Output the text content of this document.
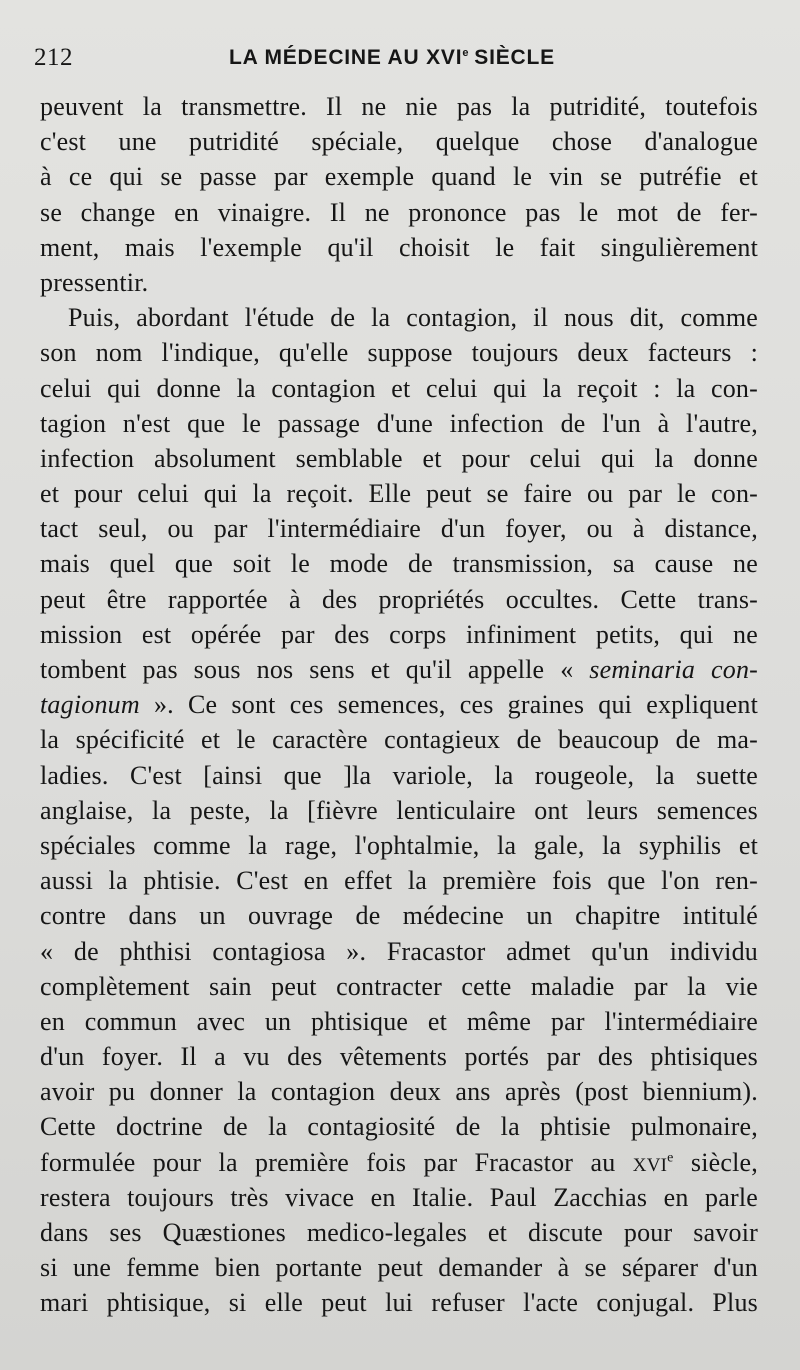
212	LA MÉDECINE AU XVIe SIÈCLE
peuvent la transmettre. Il ne nie pas la putridité, toutefois
c'est une putridité spéciale, quelque chose d'analogue
à ce qui se passe par exemple quand le vin se putréfie et
se change en vinaigre. Il ne prononce pas le mot de fer-
ment, mais l'exemple qu'il choisit le fait singulièrement
pressentir.
Puis, abordant l'étude de la contagion, il nous dit, comme
son nom l'indique, qu'elle suppose toujours deux facteurs :
celui qui donne la contagion et celui qui la reçoit : la con-
tagion n'est que le passage d'une infection de l'un à l'autre,
infection absolument semblable et pour celui qui la donne
et pour celui qui la reçoit. Elle peut se faire ou par le con-
tact seul, ou par l'intermédiaire d'un foyer, ou à distance,
mais quel que soit le mode de transmission, sa cause ne
peut être rapportée à des propriétés occultes. Cette trans-
mission est opérée par des corps infiniment petits, qui ne
tombent pas sous nos sens et qu'il appelle « seminaria con-
tagionum ». Ce sont ces semences, ces graines qui expliquent
la spécificité et le caractère contagieux de beaucoup de ma-
ladies. C'est [ainsi que ]la variole, la rougeole, la suette
anglaise, la peste, la [fièvre lenticulaire ont leurs semences
spéciales comme la rage, l'ophtalmie, la gale, la syphilis et
aussi la phtisie. C'est en effet la première fois que l'on ren-
contre dans un ouvrage de médecine un chapitre intitulé
« de phthisi contagiosa ». Fracastor admet qu'un individu
complètement sain peut contracter cette maladie par la vie
en commun avec un phtisique et même par l'intermédiaire
d'un foyer. Il a vu des vêtements portés par des phtisiques
avoir pu donner la contagion deux ans après (post biennium).
Cette doctrine de la contagiosité de la phtisie pulmonaire,
formulée pour la première fois par Fracastor au XVIe siècle,
restera toujours très vivace en Italie. Paul Zacchias en parle
dans ses Quæstiones medico-legales et discute pour savoir
si une femme bien portante peut demander à se séparer d'un
mari phtisique, si elle peut lui refuser l'acte conjugal. Plus
